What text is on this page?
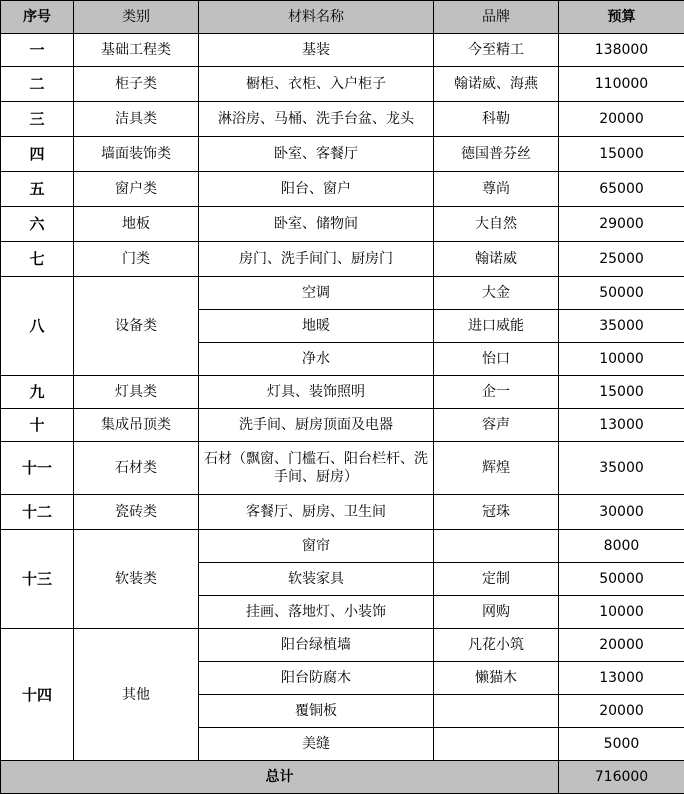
序号	类别	材料名称	品牌	预算
一	基础工程类	基装	今至精工	138000
二	柜子类	橱柜、衣柜、入户柜子	翰诺威、海燕	110000
三	洁具类	淋浴房、马桶、洗手台盆、龙头	科勒	20000
四	墙面装饰类	卧室、客餐厅	德国普芬丝	15000
五	窗户类	阳台、窗户	尊尚	65000
六	地板	卧室、储物间	大自然	29000
七	门类	房门、洗手间门、厨房门	翰诺威	25000
八	设备类	空调	大金	50000
		地暖	进口威能	35000
		净水	怡口	10000
九	灯具类	灯具、装饰照明	企一	15000
十	集成吊顶类	洗手间、厨房顶面及电器	容声	13000
十一	石材类	石材（飘窗、门槛石、阳台栏杆、洗手间、厨房）	辉煌	35000
十二	瓷砖类	客餐厅、厨房、卫生间	冠珠	30000
十三	软装类	窗帘		8000
		软装家具	定制	50000
		挂画、落地灯、小装饰	网购	10000
十四	其他	阳台绿植墙	凡花小筑	20000
		阳台防腐木	懒猫木	13000
		覆铜板		20000
		美缝		5000
总计				716000
